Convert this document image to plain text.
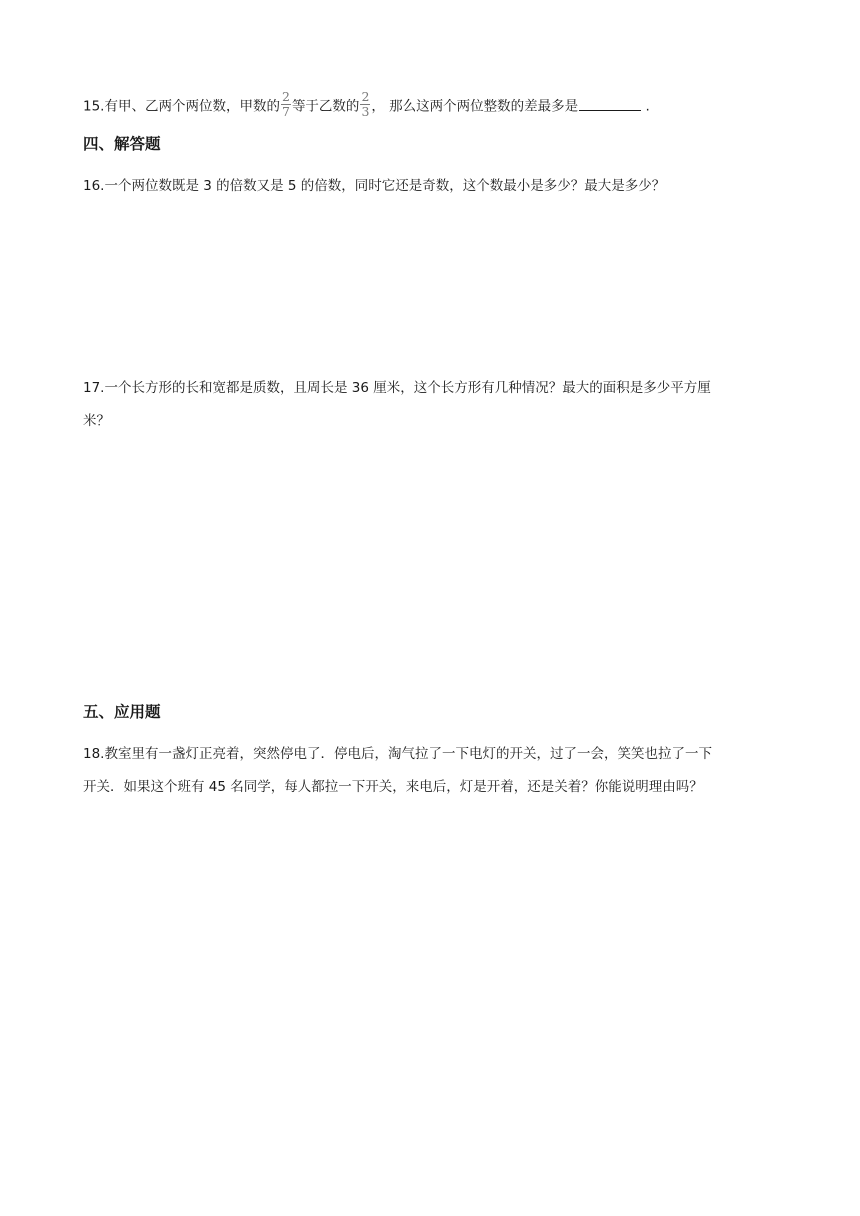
15.有甲、乙两个两位数，甲数的 $\frac{2}{7}$ 等于乙数的 $\frac{2}{3}$ ， 那么这两个两位整数的差最多是	.
四、解答题
16.一个两位数既是 3 的倍数又是 5 的倍数，同时它还是奇数，这个数最小是多少？最大是多少？
17.一个长方形的长和宽都是质数，且周长是 36 厘米，这个长方形有几种情况？最大的面积是多少平方厘
米？
五、应用题
18.教室里有一盏灯正亮着，突然停电了．停电后，淘气拉了一下电灯的开关，过了一会，笑笑也拉了一下
开关．如果这个班有 45 名同学，每人都拉一下开关，来电后，灯是开着，还是关着？你能说明理由吗？
